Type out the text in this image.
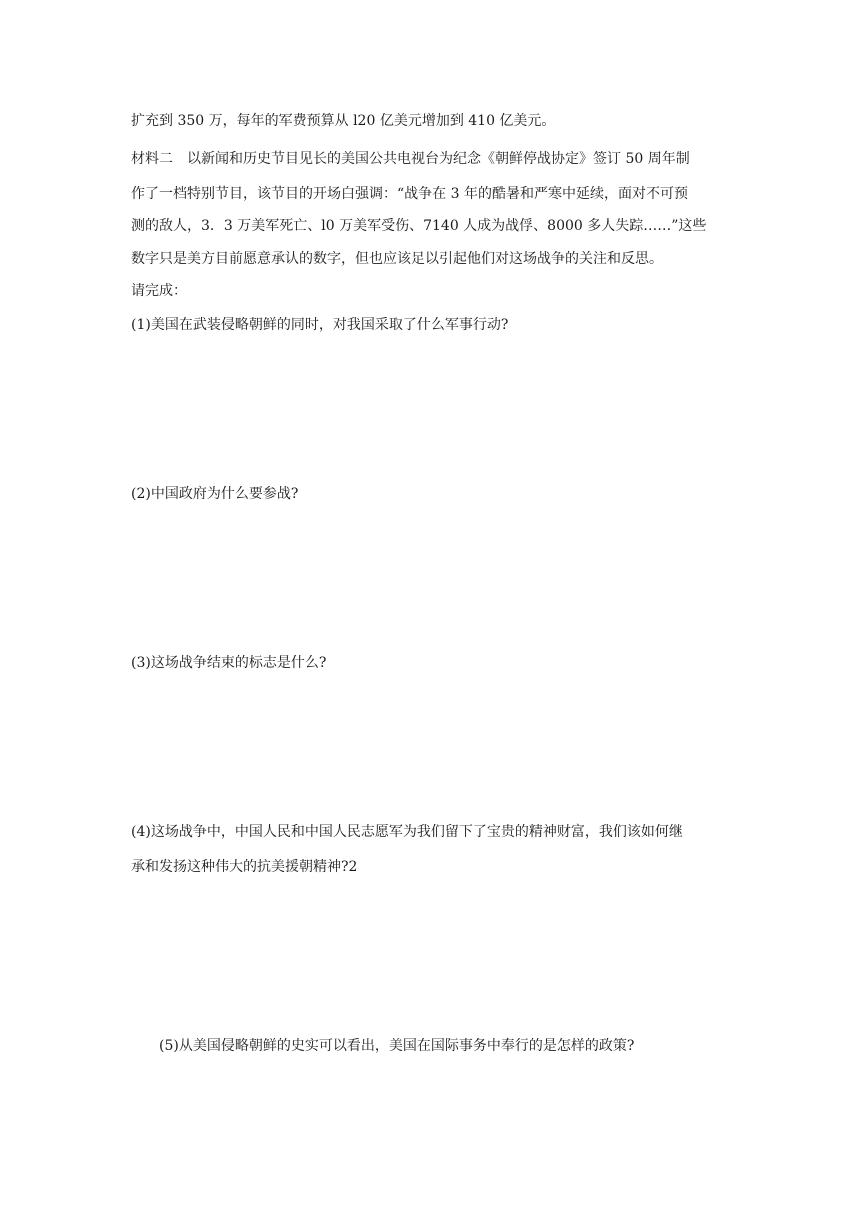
扩充到 350 万，每年的军费预算从 l20 亿美元增加到 410 亿美元。

材料二　以新闻和历史节目见长的美国公共电视台为纪念《朝鲜停战协定》签订 50 周年制

作了一档特别节目，该节目的开场白强调：“战争在 3 年的酷暑和严寒中延续，面对不可预

测的敌人，3．3 万美军死亡、l0 万美军受伤、7140 人成为战俘、8000 多人失踪……”这些

数字只是美方目前愿意承认的数字，但也应该足以引起他们对这场战争的关注和反思。

请完成：

(1)美国在武装侵略朝鲜的同时，对我国采取了什么军事行动?

(2)中国政府为什么要参战?

(3)这场战争结束的标志是什么?

(4)这场战争中，中国人民和中国人民志愿军为我们留下了宝贵的精神财富，我们该如何继

承和发扬这种伟大的抗美援朝精神?2

(5)从美国侵略朝鲜的史实可以看出，美国在国际事务中奉行的是怎样的政策?
